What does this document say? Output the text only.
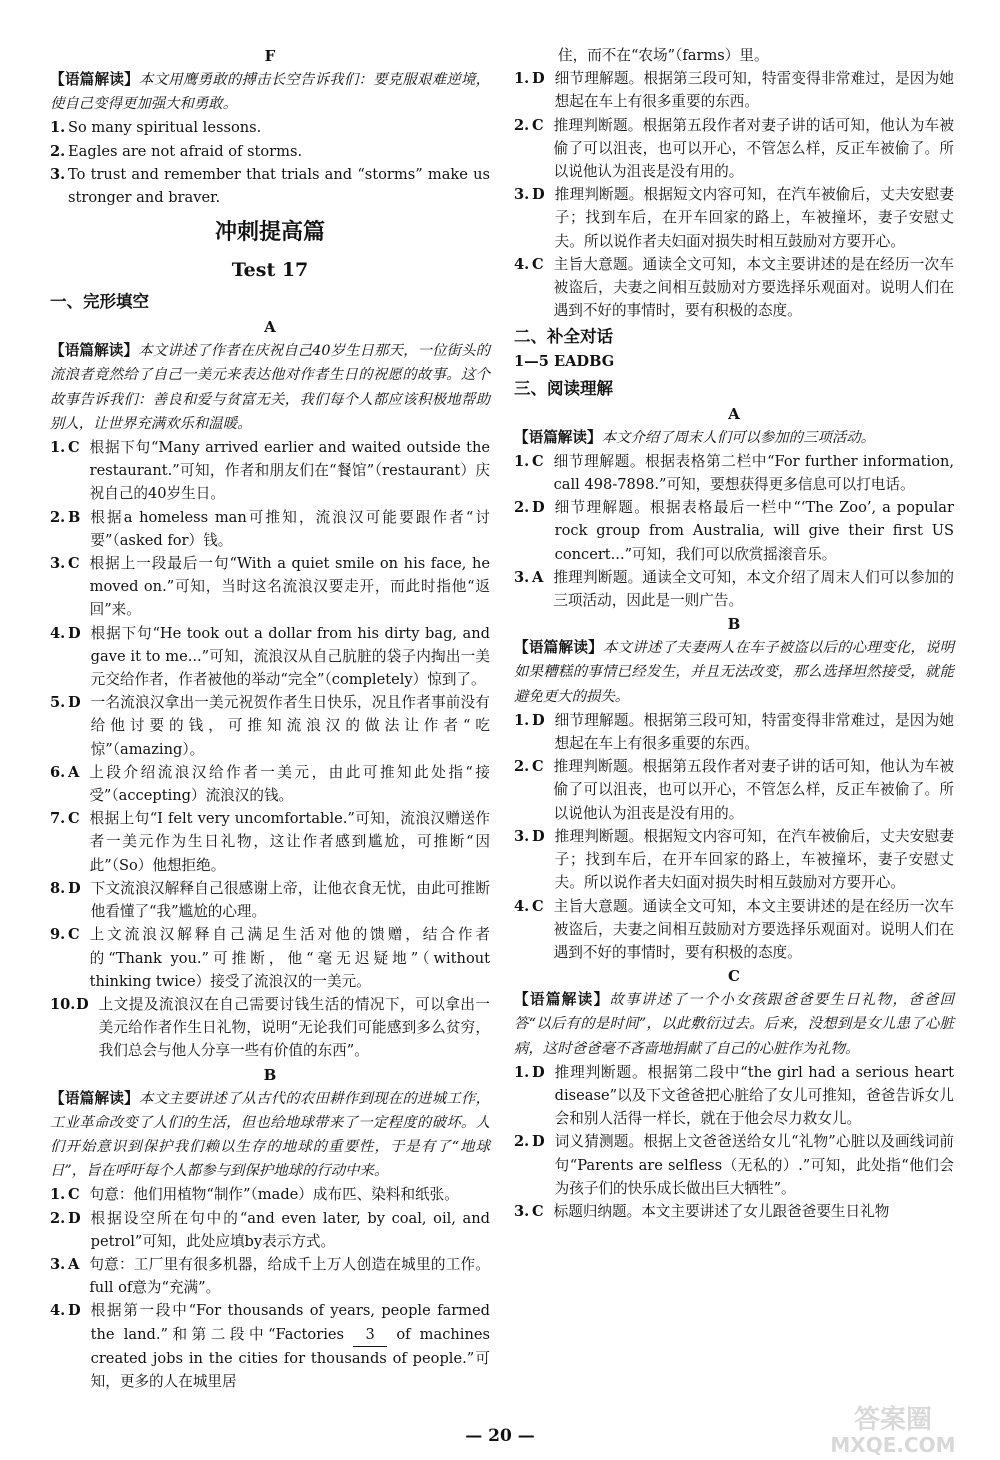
F

【语篇解读】本文用鹰勇敢的搏击长空告诉我们：要克服艰难逆境，使自己变得更加强大和勇敢。

1. So many spiritual lessons.
2. Eagles are not afraid of storms.
3. To trust and remember that trials and “storms” make us stronger and braver.

冲刺提高篇

Test 17

一、完形填空

A

【语篇解读】本文讲述了作者在庆祝自己40岁生日那天，一位街头的流浪者竟然给了自己一美元来表达他对作者生日的祝愿的故事。这个故事告诉我们：善良和爱与贫富无关，我们每个人都应该积极地帮助别人，让世界充满欢乐和温暖。

1. C 根据下句“Many arrived earlier and waited outside the restaurant.”可知，作者和朋友们在“餐馆”（restaurant）庆祝自己的40岁生日。
2. B 根据a homeless man可推知，流浪汉可能要跟作者“讨要”（asked for）钱。
3. C 根据上一段最后一句“With a quiet smile on his face, he moved on.”可知，当时这名流浪汉要走开，而此时指他“返回”来。
4. D 根据下句“He took out a dollar from his dirty bag, and gave it to me...”可知，流浪汉从自己肮脏的袋子内掏出一美元交给作者，作者被他的举动“完全”（completely）惊到了。
5. D 一名流浪汉拿出一美元祝贺作者生日快乐，况且作者事前没有给他讨要的钱，可推知流浪汉的做法让作者“吃惊”（amazing）。
6. A 上段介绍流浪汉给作者一美元，由此可推知此处指“接受”（accepting）流浪汉的钱。
7. C 根据上句“I felt very uncomfortable.”可知，流浪汉赠送作者一美元作为生日礼物，这让作者感到尴尬，可推断“因此”（So）他想拒绝。
8. D 下文流浪汉解释自己很感谢上帝，让他衣食无忧，由此可推断他看懂了“我”尴尬的心理。
9. C 上文流浪汉解释自己满足生活对他的馈赠，结合作者的“Thank you.”可推断，他“毫无迟疑地”（without thinking twice）接受了流浪汉的一美元。
10. D 上文提及流浪汉在自己需要讨钱生活的情况下，可以拿出一美元给作者作生日礼物，说明“无论我们可能感到多么贫穷，我们总会与他人分享一些有价值的东西”。

B

【语篇解读】本文主要讲述了从古代的农田耕作到现在的进城工作，工业革命改变了人们的生活，但也给地球带来了一定程度的破坏。人们开始意识到保护我们赖以生存的地球的重要性，于是有了“地球日”，旨在呼吁每个人都参与到保护地球的行动中来。

1. C 句意：他们用植物“制作”（made）成布匹、染料和纸张。
2. D 根据设空所在句中的“and even later, by coal, oil, and petrol”可知，此处应填by表示方式。
3. A 句意：工厂里有很多机器，给成千上万人创造在城里的工作。full of意为“充满”。
4. D 根据第一段中“For thousands of years, people farmed the land.”和第二段中“Factories 3 of machines created jobs in the cities for thousands of people.”可知，更多的人在城里居

住，而不在“农场”（farms）里。

1. D 细节理解题。根据第三段可知，特雷变得非常难过，是因为她想起在车上有很多重要的东西。
2. C 推理判断题。根据第五段作者对妻子讲的话可知，他认为车被偷了可以沮丧，也可以开心，不管怎么样，反正车被偷了。所以说他认为沮丧是没有用的。
3. D 推理判断题。根据短文内容可知，在汽车被偷后，丈夫安慰妻子；找到车后，在开车回家的路上，车被撞坏，妻子安慰丈夫。所以说作者夫妇面对损失时相互鼓励对方要开心。
4. C 主旨大意题。通读全文可知，本文主要讲述的是在经历一次车被盗后，夫妻之间相互鼓励对方要选择乐观面对。说明人们在遇到不好的事情时，要有积极的态度。

二、补全对话

1—5 EADBG

三、阅读理解

A

【语篇解读】本文介绍了周末人们可以参加的三项活动。

1. C 细节理解题。根据表格第二栏中“For further information, call 498-7898.”可知，要想获得更多信息可以打电话。
2. D 细节理解题。根据表格最后一栏中“‘The Zoo’, a popular rock group from Australia, will give their first US concert...”可知，我们可以欣赏摇滚音乐。
3. A 推理判断题。通读全文可知，本文介绍了周末人们可以参加的三项活动，因此是一则广告。

B

【语篇解读】本文讲述了夫妻两人在车子被盗以后的心理变化，说明如果糟糕的事情已经发生，并且无法改变，那么选择坦然接受，就能避免更大的损失。

1. D 细节理解题。根据第三段可知，特雷变得非常难过，是因为她想起在车上有很多重要的东西。
2. C 推理判断题。根据第五段作者对妻子讲的话可知，他认为车被偷了可以沮丧，也可以开心，不管怎么样，反正车被偷了。所以说他认为沮丧是没有用的。
3. D 推理判断题。根据短文内容可知，在汽车被偷后，丈夫安慰妻子；找到车后，在开车回家的路上，车被撞坏，妻子安慰丈夫。所以说作者夫妇面对损失时相互鼓励对方要开心。
4. C 主旨大意题。通读全文可知，本文主要讲述的是在经历一次车被盗后，夫妻之间相互鼓励对方要选择乐观面对。说明人们在遇到不好的事情时，要有积极的态度。

C

【语篇解读】故事讲述了一个小女孩跟爸爸要生日礼物，爸爸回答“以后有的是时间”，以此敷衍过去。后来，没想到是女儿患了心脏病，这时爸爸毫不吝啬地捐献了自己的心脏作为礼物。

1. D 推理判断题。根据第二段中“the girl had a serious heart disease”以及下文爸爸把心脏给了女儿可推知，爸爸告诉女儿会和别人活得一样长，就在于他会尽力救女儿。
2. D 词义猜测题。根据上文爸爸送给女儿“礼物”心脏以及画线词前句“Parents are selfless（无私的）.”可知，此处指“他们会为孩子们的快乐成长做出巨大牺牲”。
3. C 标题归纳题。本文主要讲述了女儿跟爸爸要生日礼物
— 20 —
答案圈
MXQE.COM
